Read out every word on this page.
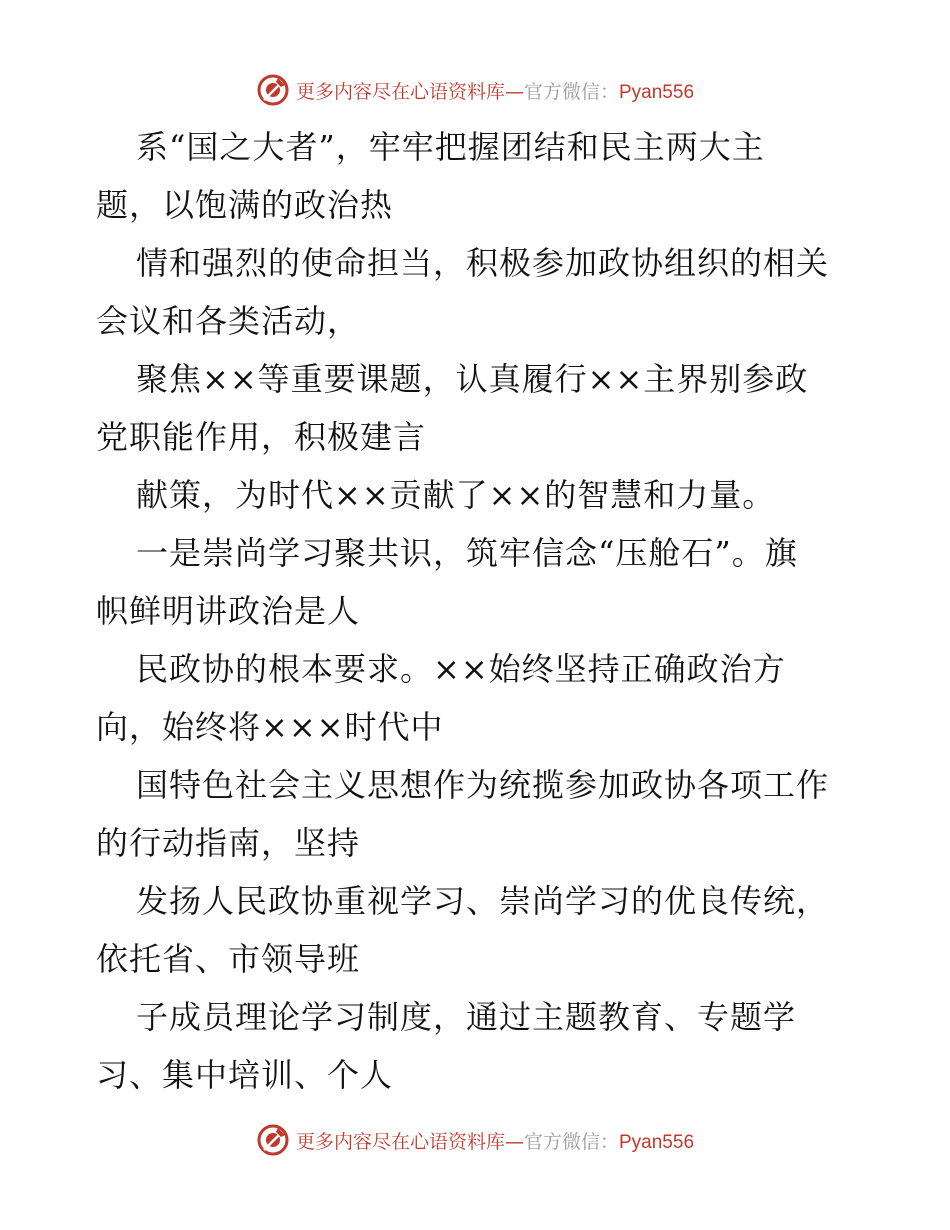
更多内容尽在心语资料库—官方微信：Pyan556
系“国之大者”，牢牢把握团结和民主两大主
题，以饱满的政治热
情和强烈的使命担当，积极参加政协组织的相关
会议和各类活动，
聚焦××等重要课题，认真履行××主界别参政
党职能作用，积极建言
献策，为时代××贡献了××的智慧和力量。
一是崇尚学习聚共识，筑牢信念“压舱石”。旗
帜鲜明讲政治是人
民政协的根本要求。××始终坚持正确政治方
向，始终将×××时代中
国特色社会主义思想作为统揽参加政协各项工作
的行动指南，坚持
发扬人民政协重视学习、崇尚学习的优良传统，
依托省、市领导班
子成员理论学习制度，通过主题教育、专题学
习、集中培训、个人
更多内容尽在心语资料库—官方微信：Pyan556
